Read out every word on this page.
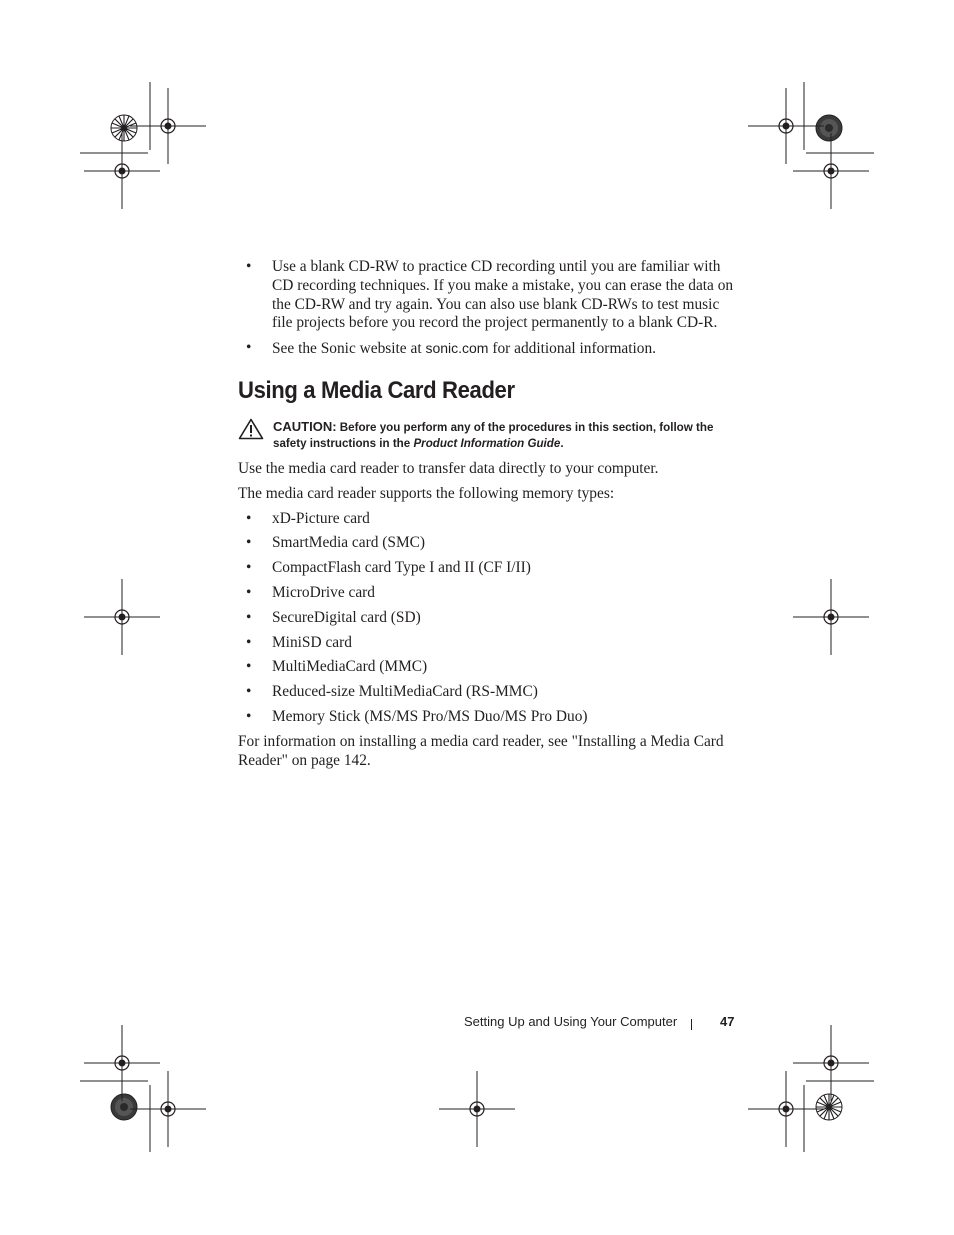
• Use a blank CD-RW to practice CD recording until you are familiar with CD recording techniques. If you make a mistake, you can erase the data on the CD-RW and try again. You can also use blank CD-RWs to test music file projects before you record the project permanently to a blank CD-R.
• See the Sonic website at sonic.com for additional information.
Using a Media Card Reader
CAUTION: Before you perform any of the procedures in this section, follow the safety instructions in the Product Information Guide.

Use the media card reader to transfer data directly to your computer.

The media card reader supports the following memory types:

• xD-Picture card
• SmartMedia card (SMC)
• CompactFlash card Type I and II (CF I/II)
• MicroDrive card
• SecureDigital card (SD)
• MiniSD card
• MultiMediaCard (MMC)
• Reduced-size MultiMediaCard (RS-MMC)
• Memory Stick (MS/MS Pro/MS Duo/MS Pro Duo)

For information on installing a media card reader, see "Installing a Media Card Reader" on page 142.

Setting Up and Using Your Computer	47
